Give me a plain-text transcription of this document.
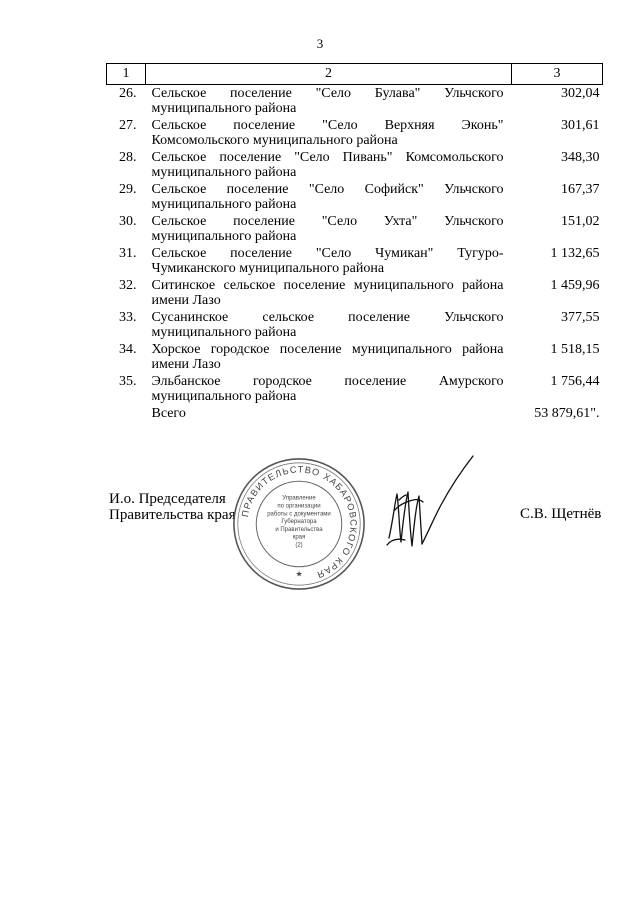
3
1	2	3
26.	Сельское поселение "Село Булава" Ульчского муниципального района	302,04
27.	Сельское поселение "Село Верхняя Эконь" Комсомольского муниципального района	301,61
28.	Сельское поселение "Село Пивань" Комсомольского муниципального района	348,30
29.	Сельское поселение "Село Софийск" Ульчского муниципального района	167,37
30.	Сельское поселение "Село Ухта" Ульчского муниципального района	151,02
31.	Сельское поселение "Село Чумикан" Тугуро-Чумиканского муниципального района	1 132,65
32.	Ситинское сельское поселение муниципального района имени Лазо	1 459,96
33.	Сусанинское сельское поселение Ульчского муниципального района	377,55
34.	Хорское городское поселение муниципального района имени Лазо	1 518,15
35.	Эльбанское городское поселение Амурского муниципального района	1 756,44
	Всего	53 879,61".
И.о. Председателя
Правительства края ПРАВИТЕЛЬСТВО ХАБАРОВСКОГО КРАЯ
Управление
по организации
работы с документами
Губернатора
и Правительства
края
(2)
★
С.В. Щетнёв
